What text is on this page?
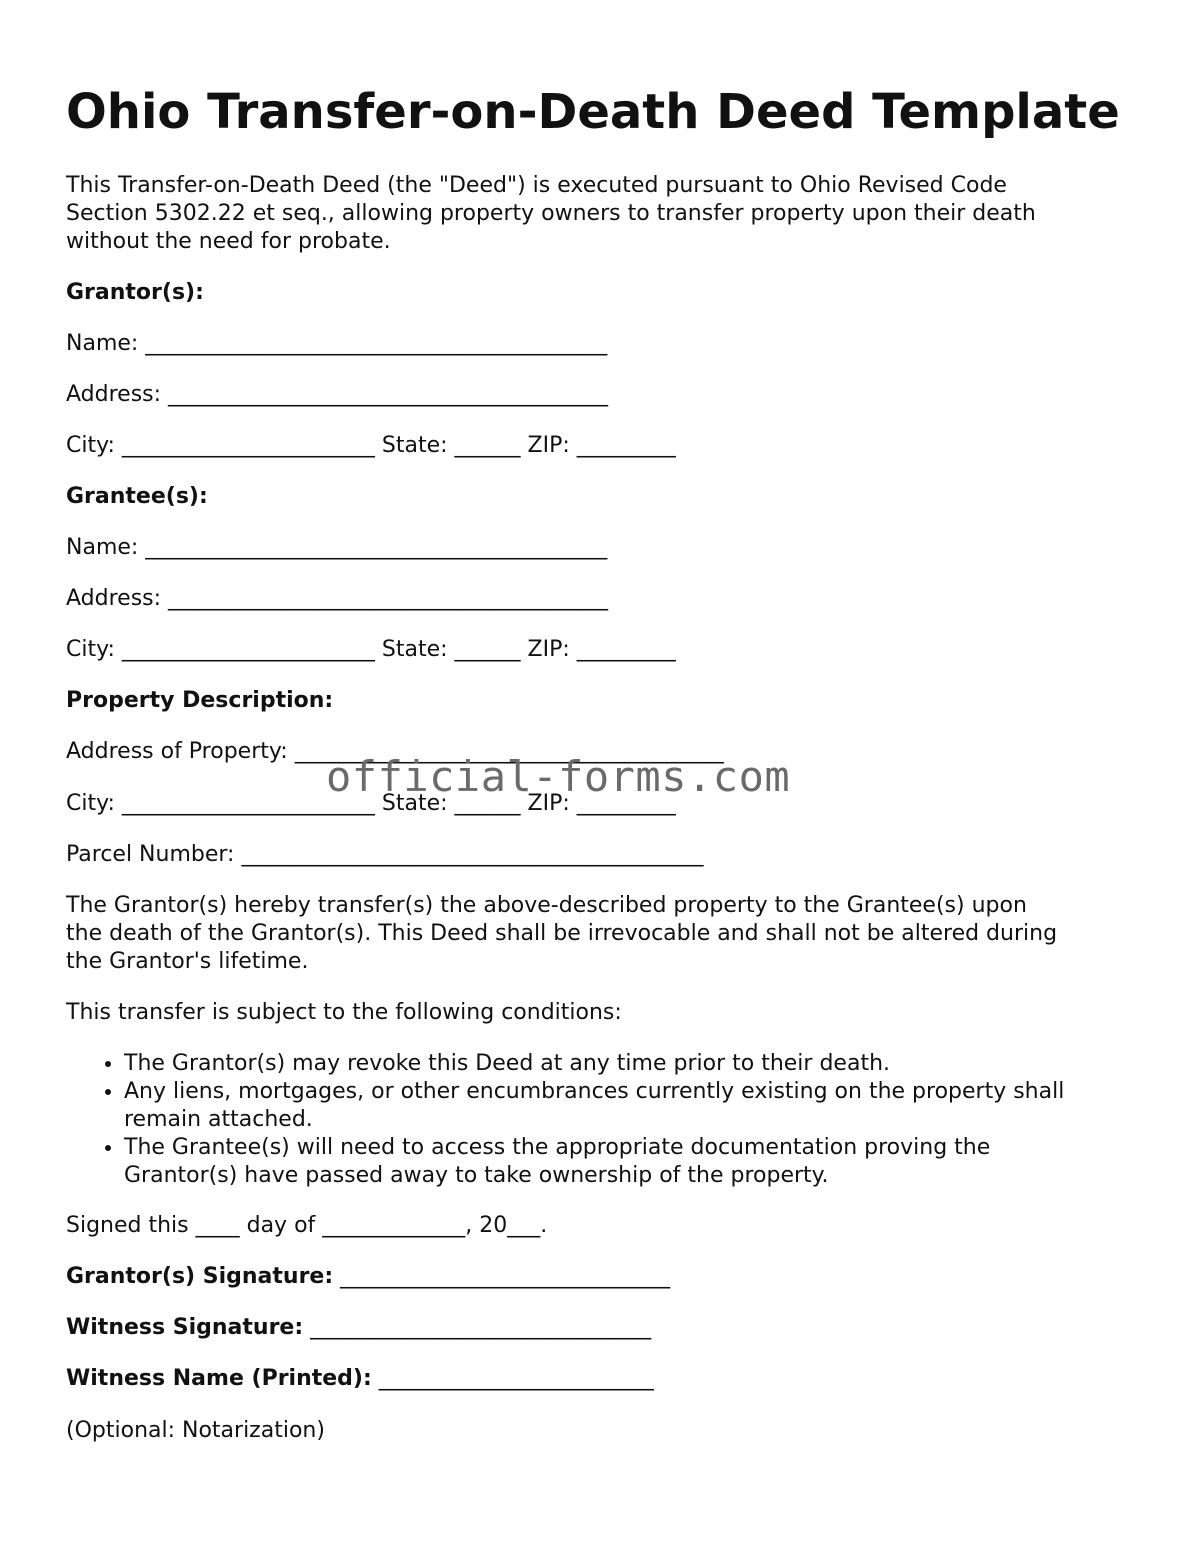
Ohio Transfer-on-Death Deed Template
This Transfer-on-Death Deed (the "Deed") is executed pursuant to Ohio Revised Code
Section 5302.22 et seq., allowing property owners to transfer property upon their death
without the need for probate.
Grantor(s):
Name: __________________________________________
Address: ________________________________________
City: _______________________ State: ______ ZIP: _________
Grantee(s):
Name: __________________________________________
Address: ________________________________________
City: _______________________ State: ______ ZIP: _________
Property Description:
Address of Property: _______________________________________
City: _______________________ State: ______ ZIP: _________
Parcel Number: __________________________________________
The Grantor(s) hereby transfer(s) the above-described property to the Grantee(s) upon
the death of the Grantor(s). This Deed shall be irrevocable and shall not be altered during
the Grantor's lifetime.
This transfer is subject to the following conditions:
• The Grantor(s) may revoke this Deed at any time prior to their death.
• Any liens, mortgages, or other encumbrances currently existing on the property shall
remain attached.
• The Grantee(s) will need to access the appropriate documentation proving the
Grantor(s) have passed away to take ownership of the property.
Signed this ____ day of _____________, 20___.
Grantor(s) Signature: ______________________________
Witness Signature: _______________________________
Witness Name (Printed): _________________________
(Optional: Notarization)
official-forms.com
